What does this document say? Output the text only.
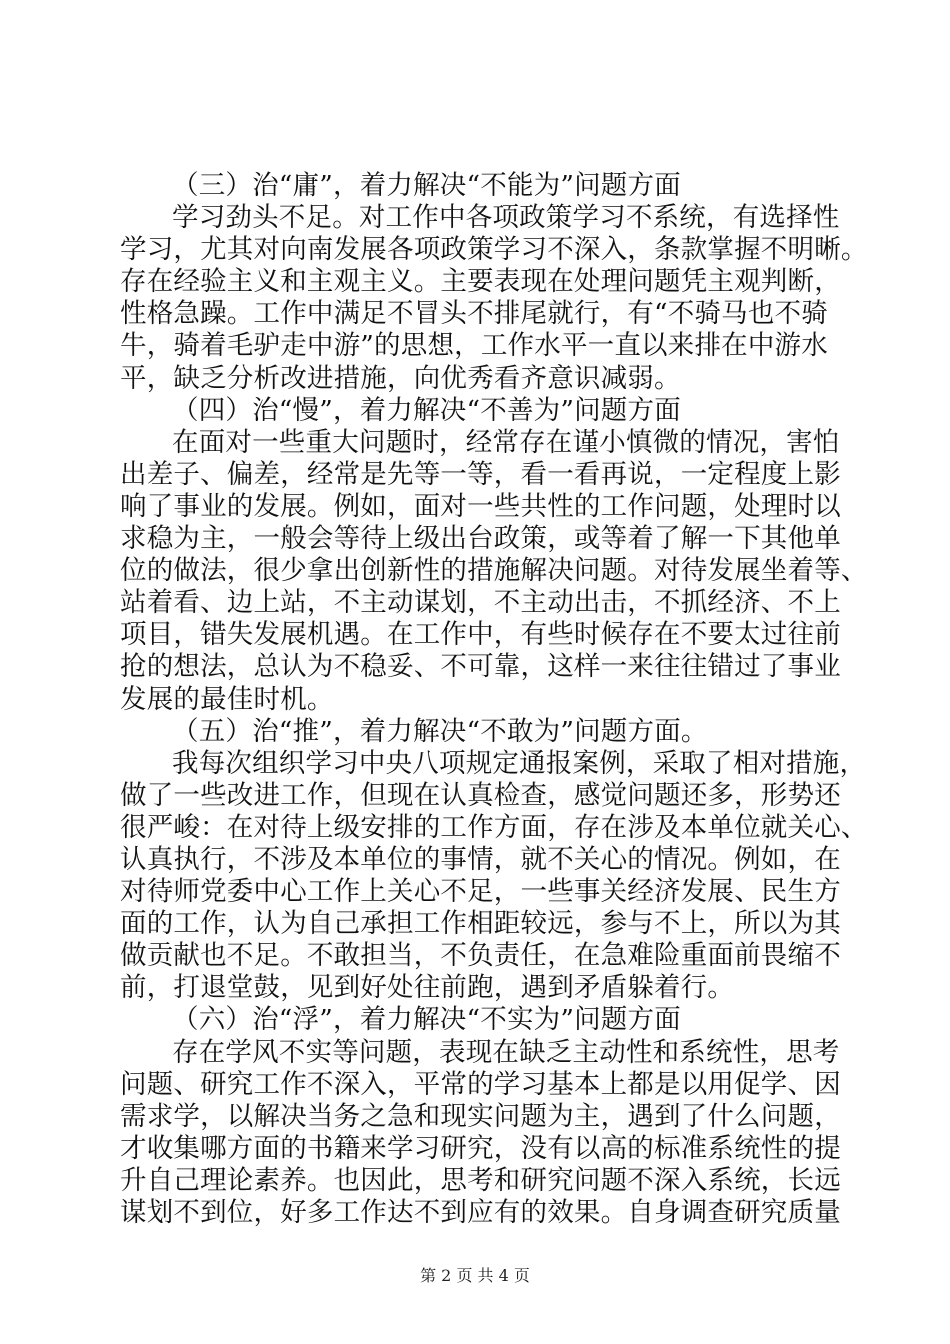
（三）治“庸”，着力解决“不能为”问题方面
学习劲头不足。对工作中各项政策学习不系统，有选择性
学习，尤其对向南发展各项政策学习不深入，条款掌握不明晰。
存在经验主义和主观主义。主要表现在处理问题凭主观判断，
性格急躁。工作中满足不冒头不排尾就行，有“不骑马也不骑
牛，骑着毛驴走中游”的思想，工作水平一直以来排在中游水
平，缺乏分析改进措施，向优秀看齐意识减弱。
（四）治“慢”，着力解决“不善为”问题方面
在面对一些重大问题时，经常存在谨小慎微的情况，害怕
出差子、偏差，经常是先等一等，看一看再说，一定程度上影
响了事业的发展。例如，面对一些共性的工作问题，处理时以
求稳为主，一般会等待上级出台政策，或等着了解一下其他单
位的做法，很少拿出创新性的措施解决问题。对待发展坐着等、
站着看、边上站，不主动谋划，不主动出击，不抓经济、不上
项目，错失发展机遇。在工作中，有些时候存在不要太过往前
抢的想法，总认为不稳妥、不可靠，这样一来往往错过了事业
发展的最佳时机。
（五）治“推”，着力解决“不敢为”问题方面。
我每次组织学习中央八项规定通报案例，采取了相对措施，
做了一些改进工作，但现在认真检查，感觉问题还多，形势还
很严峻：在对待上级安排的工作方面，存在涉及本单位就关心、
认真执行，不涉及本单位的事情，就不关心的情况。例如，在
对待师党委中心工作上关心不足，一些事关经济发展、民生方
面的工作，认为自己承担工作相距较远，参与不上，所以为其
做贡献也不足。不敢担当，不负责任，在急难险重面前畏缩不
前，打退堂鼓，见到好处往前跑，遇到矛盾躲着行。
（六）治“浮”，着力解决“不实为”问题方面
存在学风不实等问题，表现在缺乏主动性和系统性，思考
问题、研究工作不深入，平常的学习基本上都是以用促学、因
需求学，以解决当务之急和现实问题为主，遇到了什么问题，
才收集哪方面的书籍来学习研究，没有以高的标准系统性的提
升自己理论素养。也因此，思考和研究问题不深入系统，长远
谋划不到位，好多工作达不到应有的效果。自身调查研究质量
第 2 页 共 4 页
